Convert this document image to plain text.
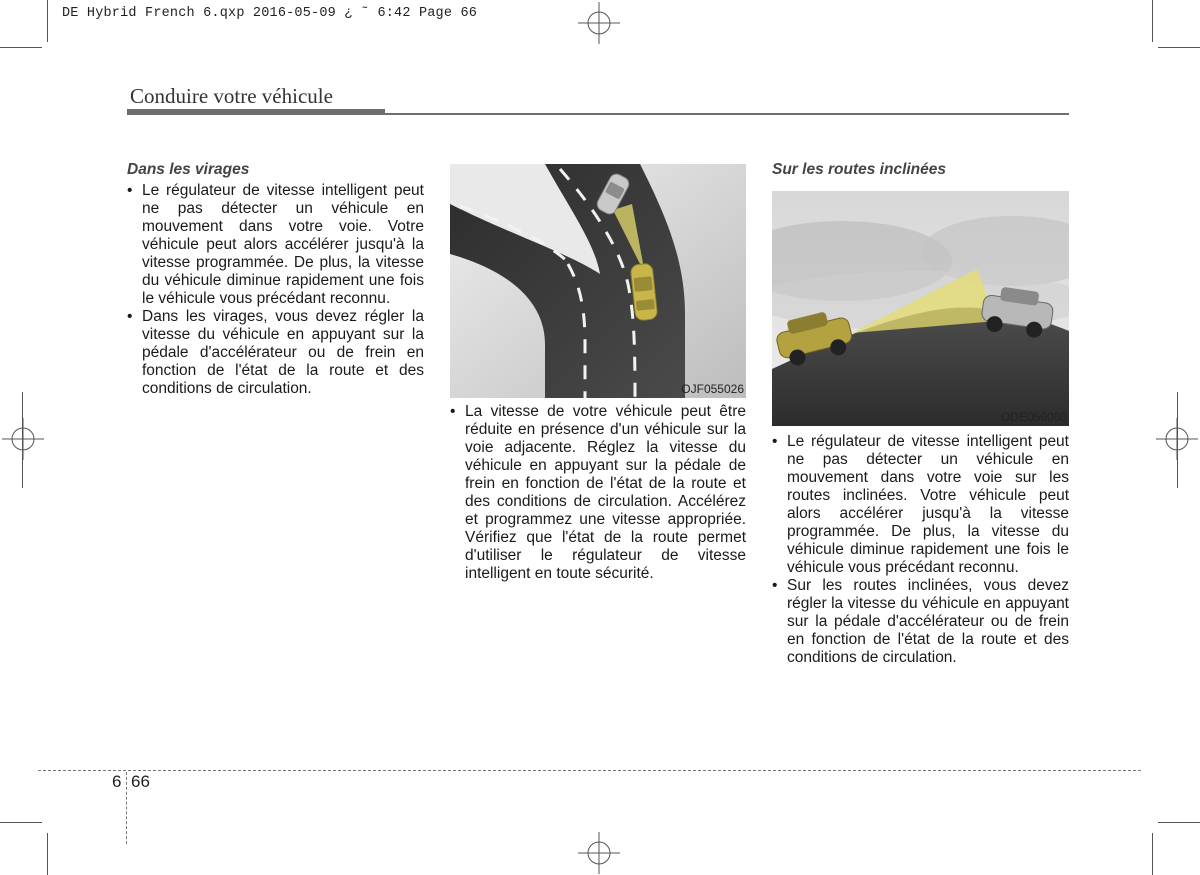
DE Hybrid French 6.qxp 2016-05-09 ¿ ˜ 6:42 Page 66
Conduire votre véhicule
Dans les virages
• Le régulateur de vitesse intelligent peut ne pas détecter un véhicule en mouvement dans votre voie. Votre véhicule peut alors accélérer jusqu'à la vitesse programmée. De plus, la vitesse du véhicule diminue rapidement une fois le véhicule vous précédant reconnu.
• Dans les virages, vous devez régler la vitesse du véhicule en appuyant sur la pédale d'accélérateur ou de frein en fonction de l'état de la route et des conditions de circulation.	OJF055026
• La vitesse de votre véhicule peut être réduite en présence d'un véhicule sur la voie adjacente. Réglez la vitesse du véhicule en appuyant sur la pédale de frein en fonction de l'état de la route et des conditions de circulation. Accélérez et programmez une vitesse appropriée. Vérifiez que l'état de la route permet d'utiliser le régulateur de vitesse intelligent en toute sécurité.
Sur les routes inclinées
ODE056060
• Le régulateur de vitesse intelligent peut ne pas détecter un véhicule en mouvement dans votre voie sur les routes inclinées. Votre véhicule peut alors accélérer jusqu'à la vitesse programmée. De plus, la vitesse du véhicule diminue rapidement une fois le véhicule vous précédant reconnu.
• Sur les routes inclinées, vous devez régler la vitesse du véhicule en appuyant sur la pédale d'accélérateur ou de frein en fonction de l'état de la route et des conditions de circulation.
6 66
